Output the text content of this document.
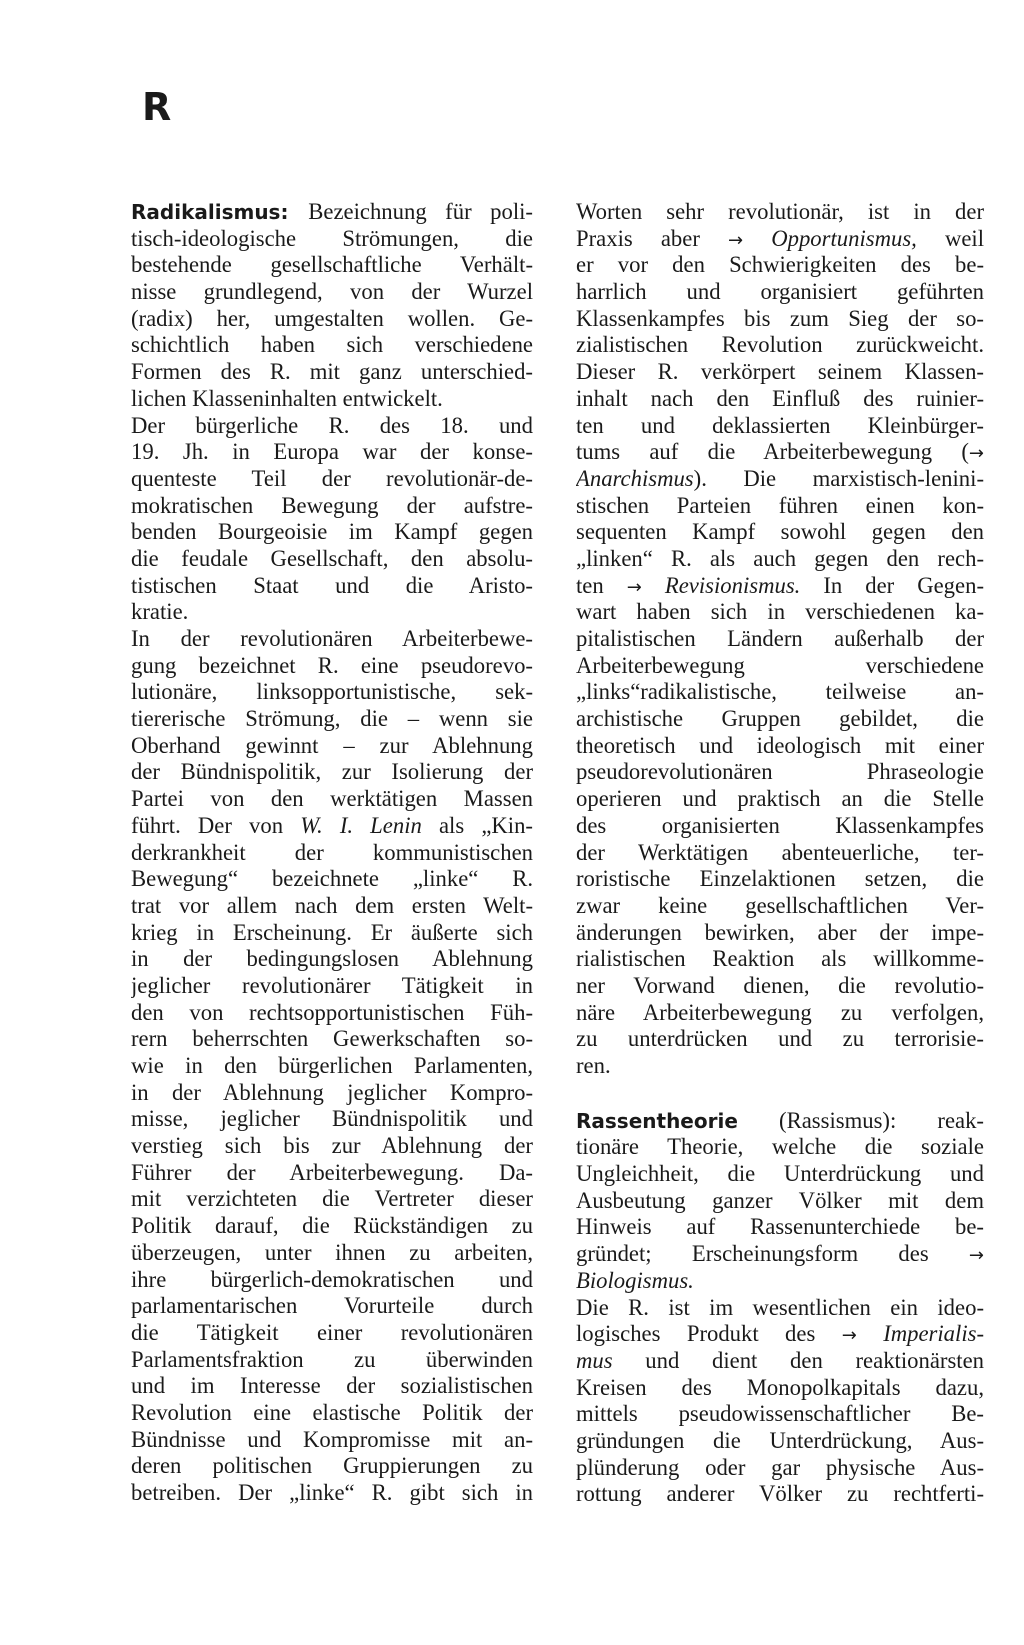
R
Radikalismus: Bezeichnung für poli-
tisch-ideologische Strömungen, die
bestehende gesellschaftliche Verhält-
nisse grundlegend, von der Wurzel
(radix) her, umgestalten wollen. Ge-
schichtlich haben sich verschiedene
Formen des R. mit ganz unterschied-
lichen Klasseninhalten entwickelt.
Der bürgerliche R. des 18. und
19. Jh. in Europa war der konse-
quenteste Teil der revolutionär-de-
mokratischen Bewegung der aufstre-
benden Bourgeoisie im Kampf gegen
die feudale Gesellschaft, den absolu-
tistischen Staat und die Aristo-
kratie.
In der revolutionären Arbeiterbewe-
gung bezeichnet R. eine pseudorevo-
lutionäre, linksopportunistische, sek-
tiererische Strömung, die – wenn sie
Oberhand gewinnt – zur Ablehnung
der Bündnispolitik, zur Isolierung der
Partei von den werktätigen Massen
führt. Der von W. I. Lenin als „Kin-
derkrankheit der kommunistischen
Bewegung“ bezeichnete „linke“ R.
trat vor allem nach dem ersten Welt-
krieg in Erscheinung. Er äußerte sich
in der bedingungslosen Ablehnung
jeglicher revolutionärer Tätigkeit in
den von rechtsopportunistischen Füh-
rern beherrschten Gewerkschaften so-
wie in den bürgerlichen Parlamenten,
in der Ablehnung jeglicher Kompro-
misse, jeglicher Bündnispolitik und
verstieg sich bis zur Ablehnung der
Führer der Arbeiterbewegung. Da-
mit verzichteten die Vertreter dieser
Politik darauf, die Rückständigen zu
überzeugen, unter ihnen zu arbeiten,
ihre bürgerlich-demokratischen und
parlamentarischen Vorurteile durch
die Tätigkeit einer revolutionären
Parlamentsfraktion zu überwinden
und im Interesse der sozialistischen
Revolution eine elastische Politik der
Bündnisse und Kompromisse mit an-
deren politischen Gruppierungen zu
betreiben. Der „linke“ R. gibt sich in
Worten sehr revolutionär, ist in der
Praxis aber → Opportunismus, weil
er vor den Schwierigkeiten des be-
harrlich und organisiert geführten
Klassenkampfes bis zum Sieg der so-
zialistischen Revolution zurückweicht.
Dieser R. verkörpert seinem Klassen-
inhalt nach den Einfluß des ruinier-
ten und deklassierten Kleinbürger-
tums auf die Arbeiterbewegung (→
Anarchismus). Die marxistisch-lenini-
stischen Parteien führen einen kon-
sequenten Kampf sowohl gegen den
„linken“ R. als auch gegen den rech-
ten → Revisionismus. In der Gegen-
wart haben sich in verschiedenen ka-
pitalistischen Ländern außerhalb der
Arbeiterbewegung verschiedene
„links“radikalistische, teilweise an-
archistische Gruppen gebildet, die
theoretisch und ideologisch mit einer
pseudorevolutionären Phraseologie
operieren und praktisch an die Stelle
des organisierten Klassenkampfes
der Werktätigen abenteuerliche, ter-
roristische Einzelaktionen setzen, die
zwar keine gesellschaftlichen Ver-
änderungen bewirken, aber der impe-
rialistischen Reaktion als willkomme-
ner Vorwand dienen, die revolutio-
näre Arbeiterbewegung zu verfolgen,
zu unterdrücken und zu terrorisie-
ren.
Rassentheorie (Rassismus): reak-
tionäre Theorie, welche die soziale
Ungleichheit, die Unterdrückung und
Ausbeutung ganzer Völker mit dem
Hinweis auf Rassenunterchiede be-
gründet; Erscheinungsform des →
Biologismus.
Die R. ist im wesentlichen ein ideo-
logisches Produkt des → Imperialis-
mus und dient den reaktionärsten
Kreisen des Monopolkapitals dazu,
mittels pseudowissenschaftlicher Be-
gründungen die Unterdrückung, Aus-
plünderung oder gar physische Aus-
rottung anderer Völker zu rechtferti-
